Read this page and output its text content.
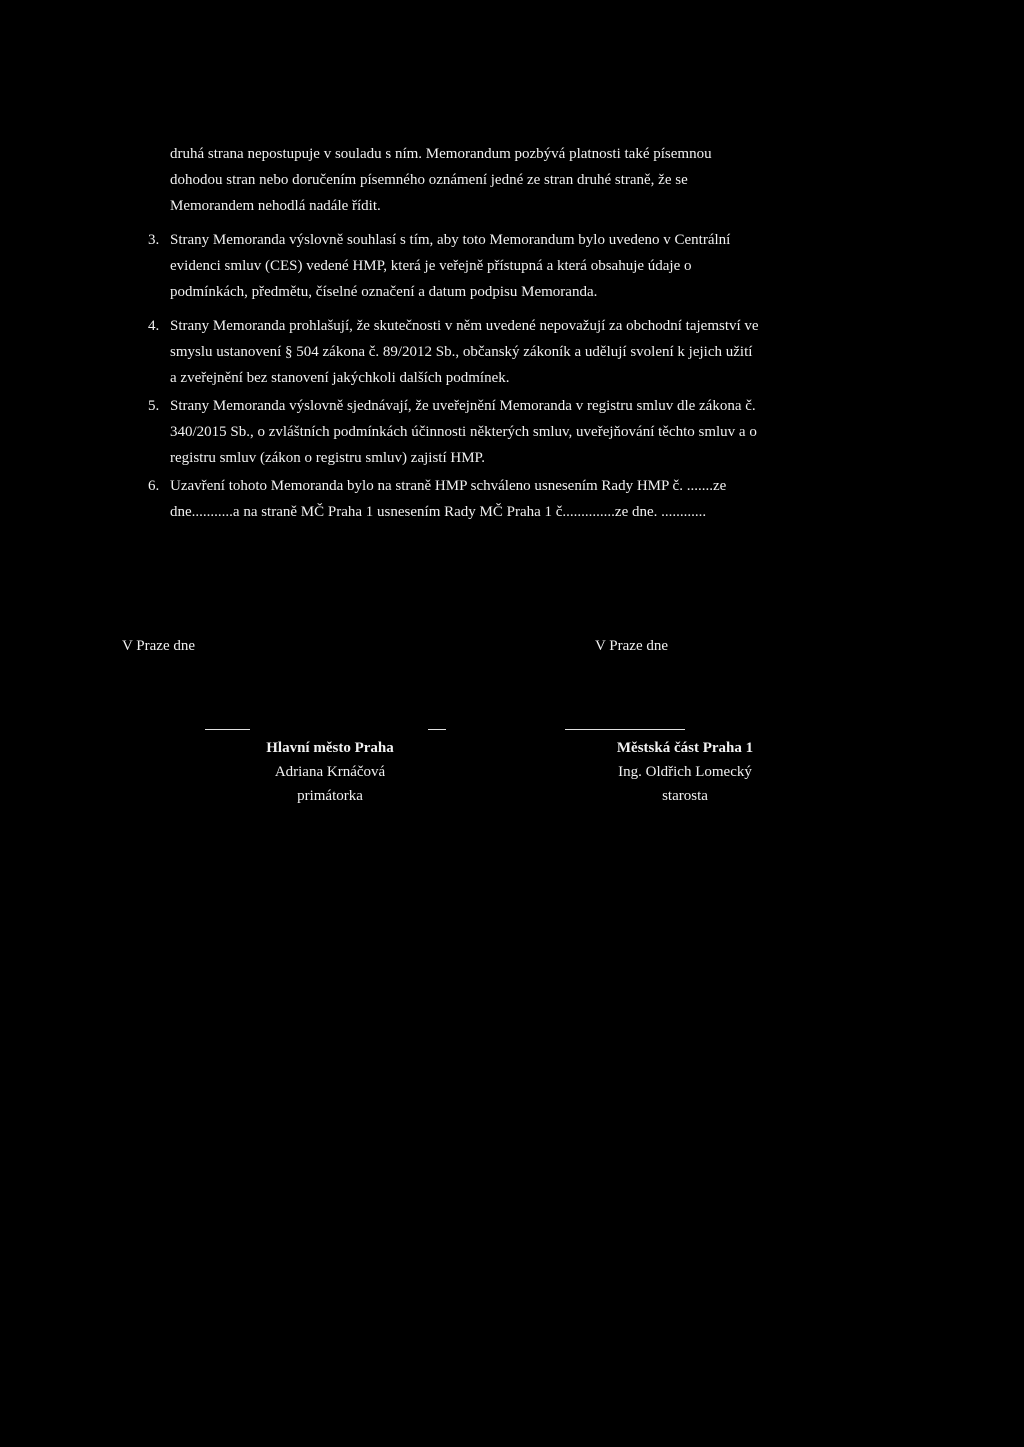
druhá strana nepostupuje v souladu s ním. Memorandum pozbývá platnosti také písemnou
dohodou stran nebo doručením písemného oznámení jedné ze stran druhé straně, že se
Memorandem nehodlá nadále řídit.
3. Strany Memoranda výslovně souhlasí s tím, aby toto Memorandum bylo uvedeno v Centrální
evidenci smluv (CES) vedené HMP, která je veřejně přístupná a která obsahuje údaje o
podmínkách, předmětu, číselné označení a datum podpisu Memoranda.
4. Strany Memoranda prohlašují, že skutečnosti v něm uvedené nepovažují za obchodní tajemství ve
smyslu ustanovení § 504 zákona č. 89/2012 Sb., občanský zákoník a udělují svolení k jejich užití
a zveřejnění bez stanovení jakýchkoli dalších podmínek.
5. Strany Memoranda výslovně sjednávají, že uveřejnění Memoranda v registru smluv dle zákona č.
340/2015 Sb., o zvláštních podmínkách účinnosti některých smluv, uveřejňování těchto smluv a o
registru smluv (zákon o registru smluv) zajistí HMP.
6. Uzavření tohoto Memoranda bylo na straně HMP schváleno usnesením Rady HMP č. .......ze
dne...........a na straně MČ Praha 1 usnesením Rady MČ Praha 1 č..............ze dne. ............
V Praze dne	V Praze dne
Hlavní město Praha
Adriana Krnáčová
primátorka
Městská část Praha 1
Ing. Oldřich Lomecký
starosta
